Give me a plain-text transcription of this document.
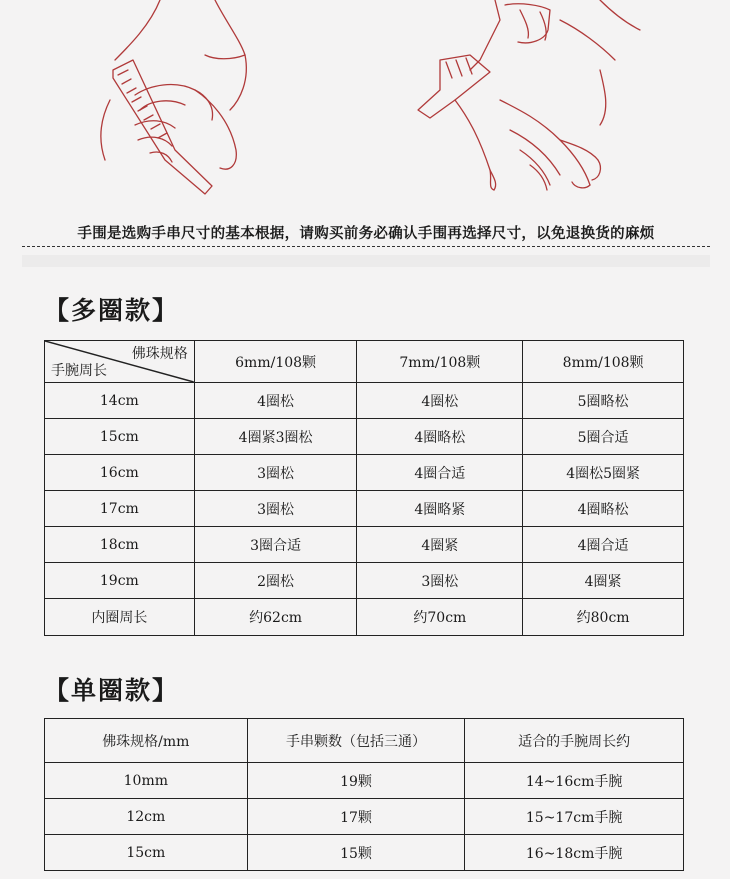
手围是选购手串尺寸的基本根据，请购买前务必确认手围再选择尺寸，以免退换货的麻烦
【多圈款】
佛珠规格
手腕周长	6mm/108颗	7mm/108颗	8mm/108颗
14cm	4圈松	4圈松	5圈略松
15cm	4圈紧3圈松	4圈略松	5圈合适
16cm	3圈松	4圈合适	4圈松5圈紧
17cm	3圈松	4圈略紧	4圈略松
18cm	3圈合适	4圈紧	4圈合适
19cm	2圈松	3圈松	4圈紧
内圈周长	约62cm	约70cm	约80cm
【单圈款】
佛珠规格/mm	手串颗数（包括三通）	适合的手腕周长约
10mm	19颗	14~16cm手腕
12cm	17颗	15~17cm手腕
15cm	15颗	16~18cm手腕
